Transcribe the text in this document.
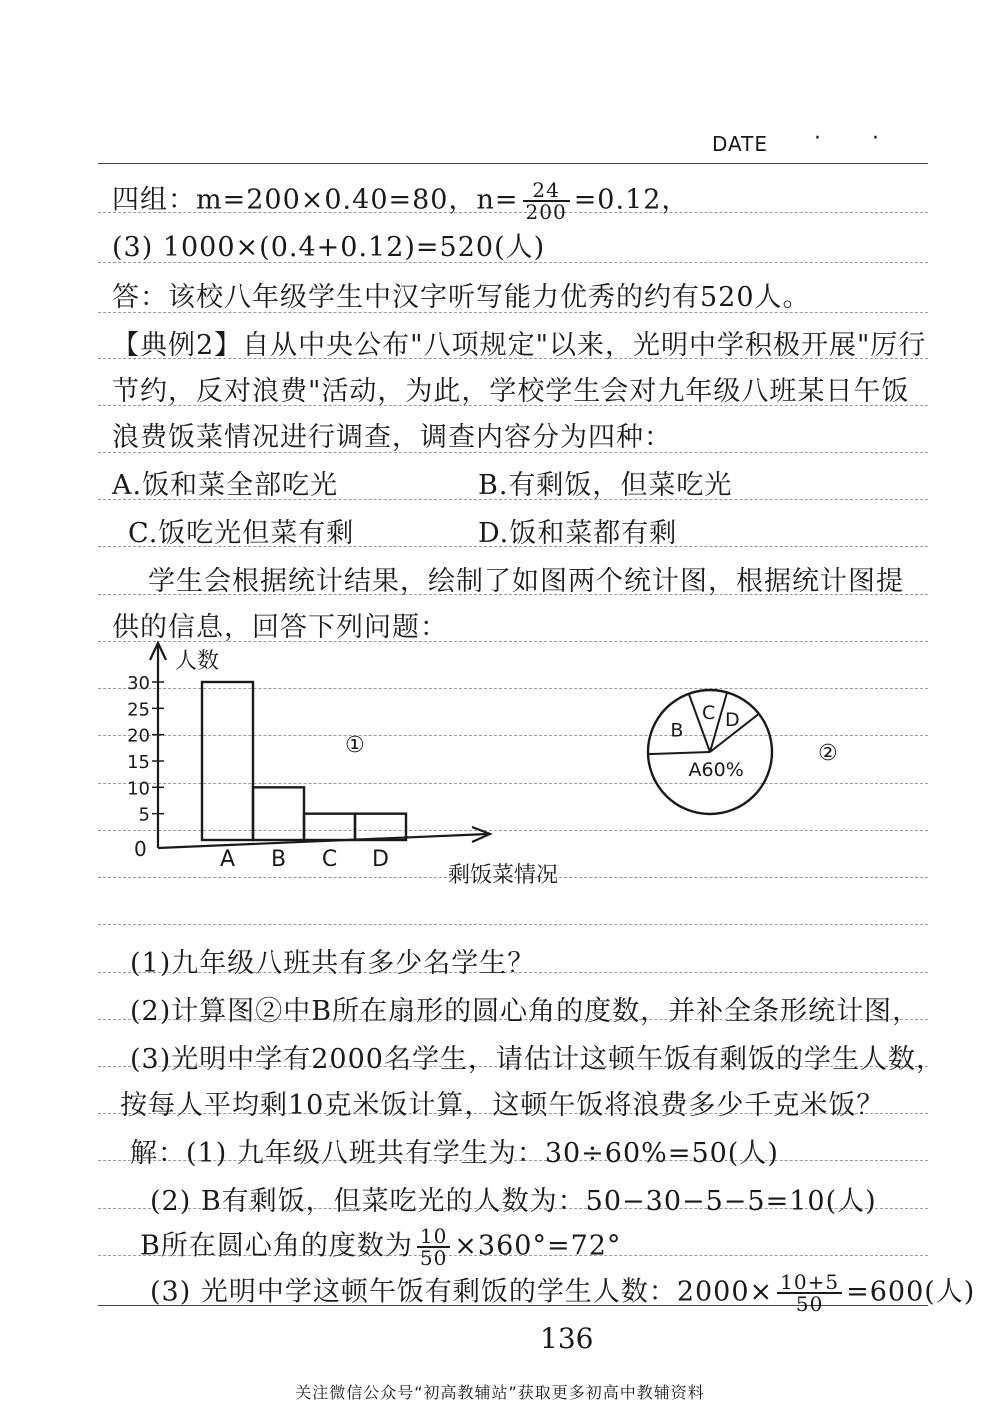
DATE · ·
四组：m=200×0.40=80，$n= \frac{24}{200} =0.12$，
(3) 1000×(0.4+0.12)=520(人)
答：该校八年级学生中汉字听写能力优秀的约有520人。
【典例2】自从中央公布"八项规定"以来，光明中学积极开展"厉行
节约，反对浪费"活动，为此，学校学生会对九年级八班某日午饭
浪费饭菜情况进行调查，调查内容分为四种：
A.饭和菜全部吃光	B.有剩饭，但菜吃光
C.饭吃光但菜有剩	D.饭和菜都有剩
学生会根据统计结果，绘制了如图两个统计图，根据统计图提
供的信息，回答下列问题：
人数
剩饭菜情况
①
0
5
10
15
20
25
30
A B C D
A60%
B
C D
②
(1)九年级八班共有多少名学生？
(2)计算图②中B所在扇形的圆心角的度数，并补全条形统计图，
(3)光明中学有2000名学生，请估计这顿午饭有剩饭的学生人数，
按每人平均剩10克米饭计算，这顿午饭将浪费多少千克米饭？
解：(1) 九年级八班共有学生为：30÷60%=50(人)
(2) B有剩饭，但菜吃光的人数为：50−30−5−5=10(人)
B所在圆心角的度数为 $\frac{10}{50} \times 360^\circ=72^\circ$
(3) 光明中学这顿午饭有剩饭的学生人数：$2000\times \frac{10+5}{50} =600$(人)
136
关注微信公众号“初高教辅站”获取更多初高中教辅资料
